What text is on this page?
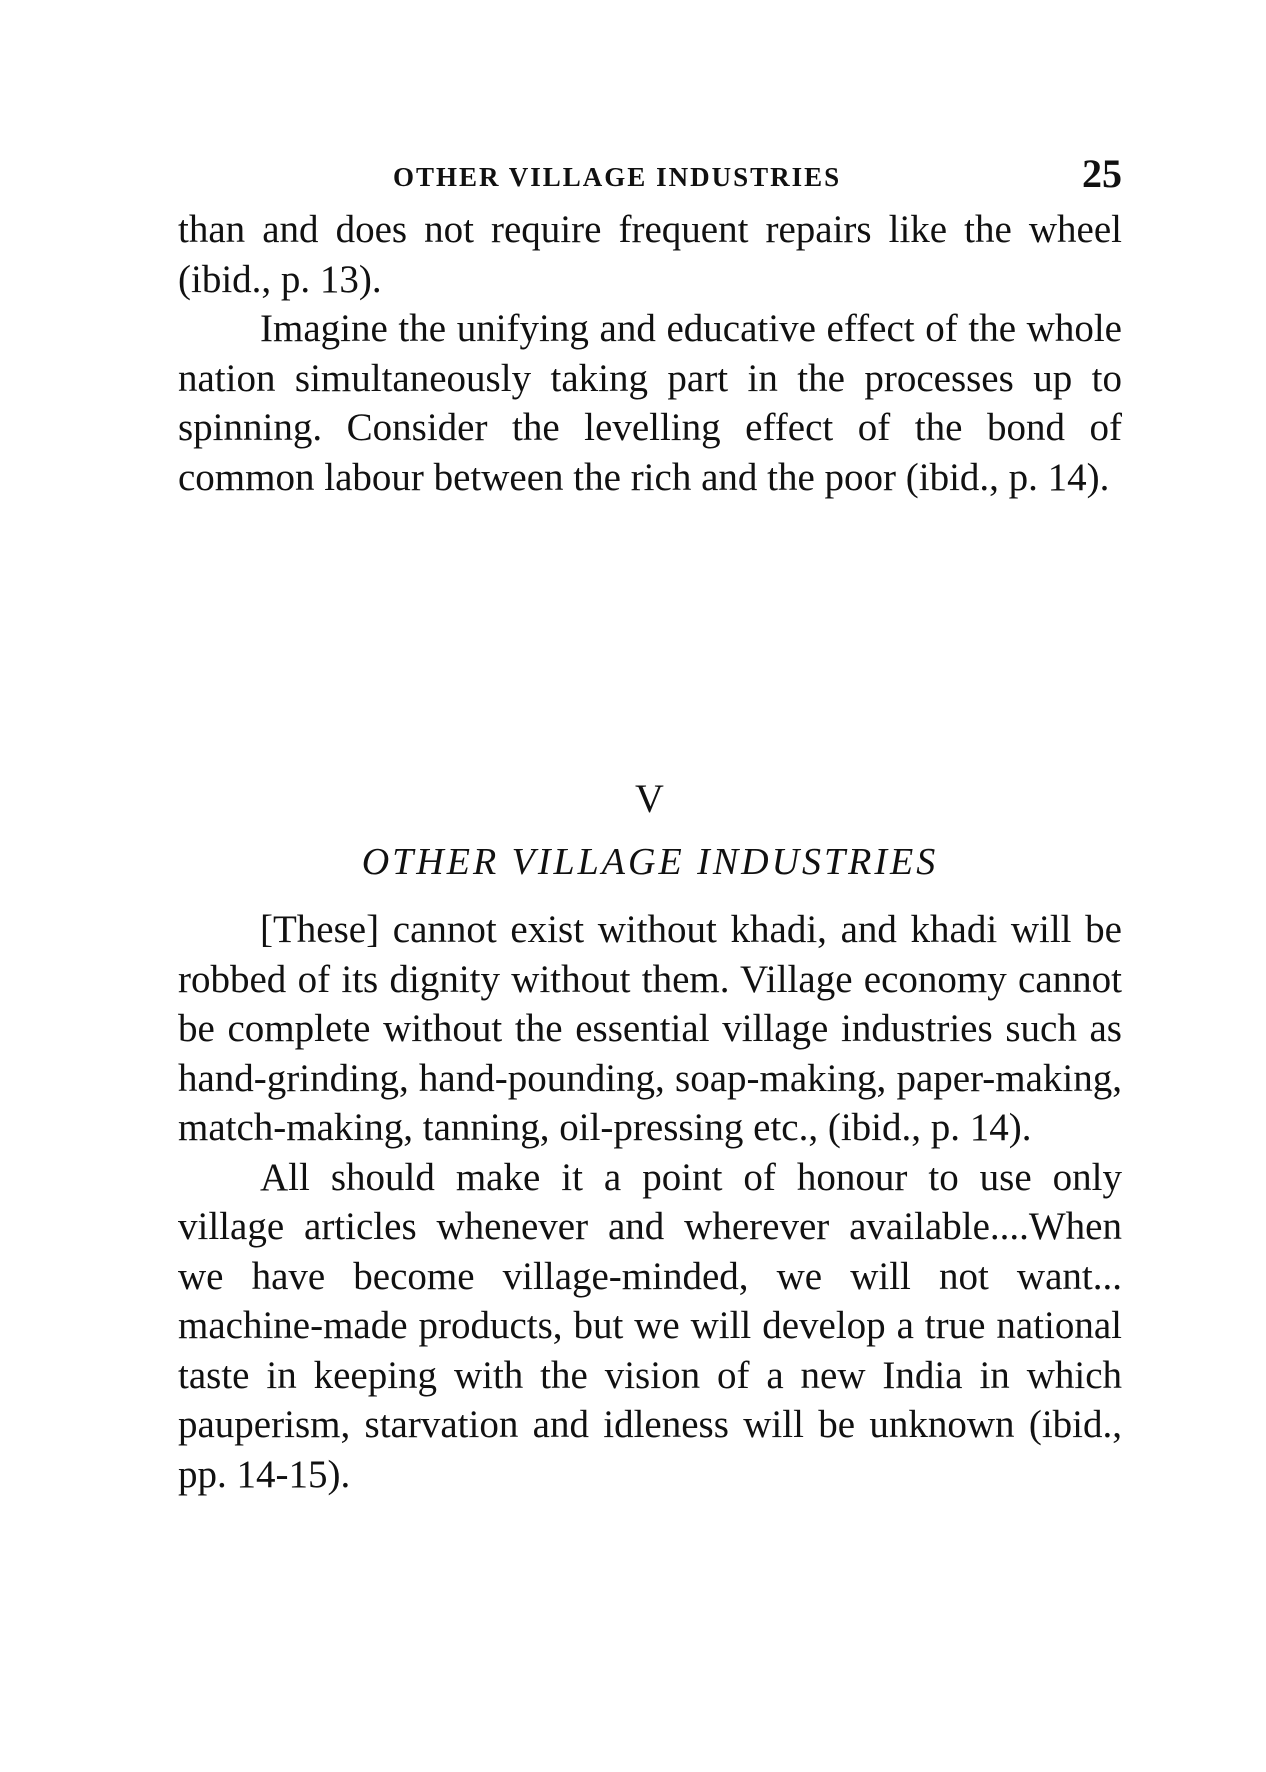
OTHER VILLAGE INDUSTRIES	25

than and does not require frequent repairs like the wheel (ibid., p. 13).

Imagine the unifying and educative effect of the whole nation simultaneously taking part in the processes up to spinning. Consider the levelling effect of the bond of common labour between the rich and the poor (ibid., p. 14).

V
OTHER VILLAGE INDUSTRIES

[These] cannot exist without khadi, and khadi will be robbed of its dignity without them. Village economy cannot be complete without the essential village industries such as hand-grinding, hand-pounding, soap-making, paper-making, match-making, tanning, oil-pressing etc., (ibid., p. 14).

All should make it a point of honour to use only village articles whenever and wherever available....When we have become village-minded, we will not want... machine-made products, but we will develop a true national taste in keeping with the vision of a new India in which pauperism, starvation and idleness will be unknown (ibid., pp. 14-15).
